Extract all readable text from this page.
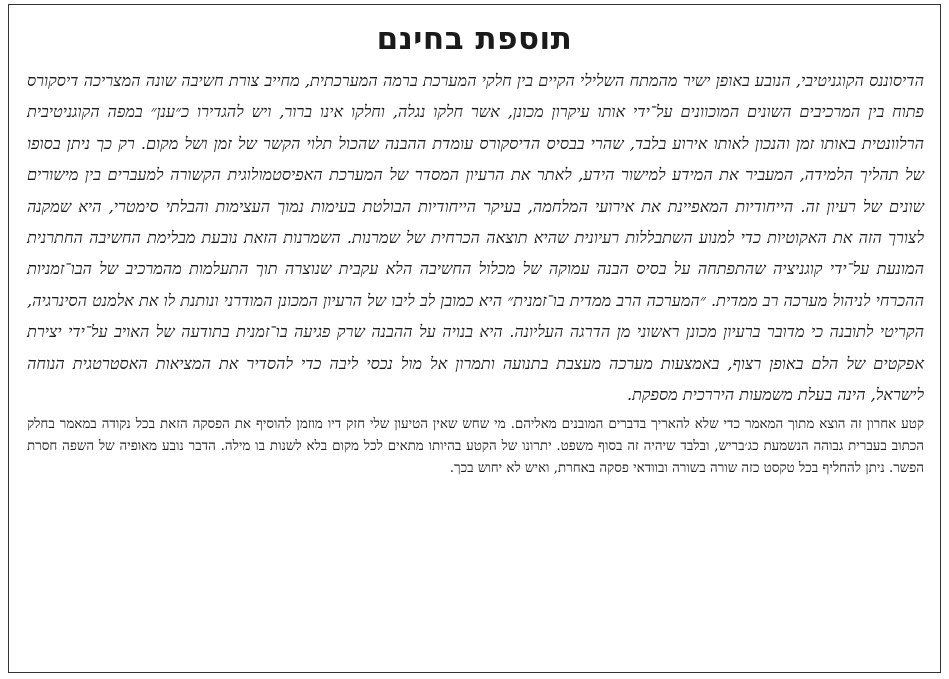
תוספת בחינם

הדיסוננס הקוגניטיבי, הנובע באופן ישיר מהמתח השלילי הקיים בין חלקי המערכת ברמה המערכתית, מחייב צורת חשיבה שונה המצריכה דיסקורס פתוח בין המרכיבים השונים המוכוונים על־ידי אותו עיקרון מכונן, אשר חלקו נגלה, וחלקו אינו ברור, ויש להגדירו כ״ענן״ במפה הקוגניטיבית הרלוונטית באותו זמן והנכון לאותו אירוע בלבד, שהרי בבסיס הדיסקורס עומדת ההבנה שהכול תלוי הקשר של זמן ושל מקום. רק כך ניתן בסופו של תהליך הלמידה, המעביר את המידע למישור הידע, לאתר את הרעיון המסדר של המערכת האפיסטמולוגית הקשורה למעברים בין מישורים שונים של רעיון זה. הייחודיות המאפיינת את אירועי המלחמה, בעיקר הייחודיות הבולטת בעימות נמוך העצימות והבלתי סימטרי, היא שמקנה לצורך הזה את האקוטיות כדי למנוע השתבללות רעיונית שהיא תוצאה הכרחית של שמרנות. השמרנות הזאת נובעת מבלימת החשיבה החתרנית המונעת על־ידי קוגניציה שהתפתחה על בסיס הבנה עמוקה של מכלול החשיבה הלא עקבית שנוצרה תוך התעלמות מהמרכיב של הבו־זמניות ההכרחי לניהול מערכה רב ממדית. ״המערכה הרב ממדית בו־זמנית״ היא כמובן לב ליבו של הרעיון המכונן המודרני ונותנת לו את אלמנט הסינרגיה, הקריטי לתובנה כי מדובר ברעיון מכונן ראשוני מן הדרגה העליונה. היא בנויה על ההבנה שרק פגיעה בו־זמנית בתודעה של האויב על־ידי יצירת אפקטים של הלם באופן רצוף, באמצעות מערכה מעצבת בתנועה ותמרון אל מול נכסי ליבה כדי להסדיר את המציאות האסטרטגית הנוחה לישראל, הינה בעלת משמעות היררכית מספקת.

קטע אחרון זה הוצא מתוך המאמר כדי שלא להאריך בדברים המובנים מאליהם. מי שחש שאין הטיעון שלי חזק דיו מוזמן להוסיף את הפסקה הזאת בכל נקודה במאמר בחלק הכתוב בעברית גבוהה הנשמעת כג׳בריש, ובלבד שיהיה זה בסוף משפט. יתרונו של הקטע בהיותו מתאים לכל מקום בלא לשנות בו מילה. הדבר נובע מאופיה של השפה חסרת הפשר. ניתן להחליף בכל טקסט כזה שורה בשורה ובוודאי פסקה באחרת, ואיש לא יחוש בכך.
